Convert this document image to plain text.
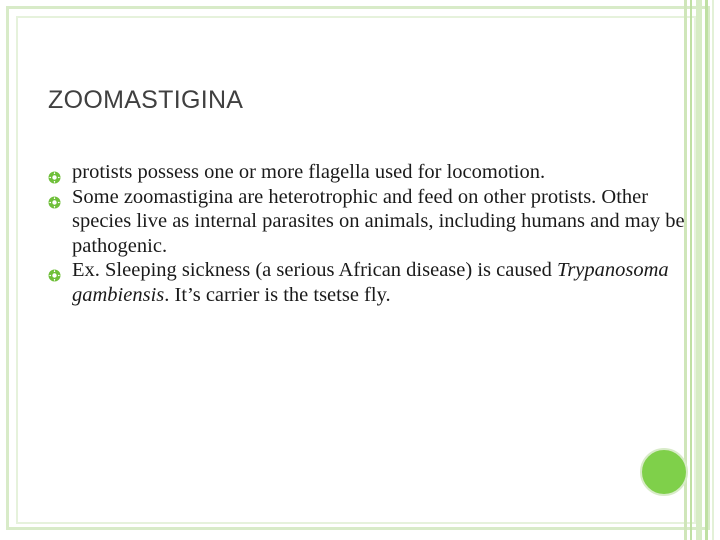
ZOOMASTIGINA
protists possess one or more flagella used for locomotion.
Some zoomastigina are heterotrophic and feed on other protists. Other species live as internal parasites on animals, including humans and may be pathogenic.
Ex. Sleeping sickness (a serious African disease) is caused Trypanosoma gambiensis. It’s carrier is the tsetse fly.
